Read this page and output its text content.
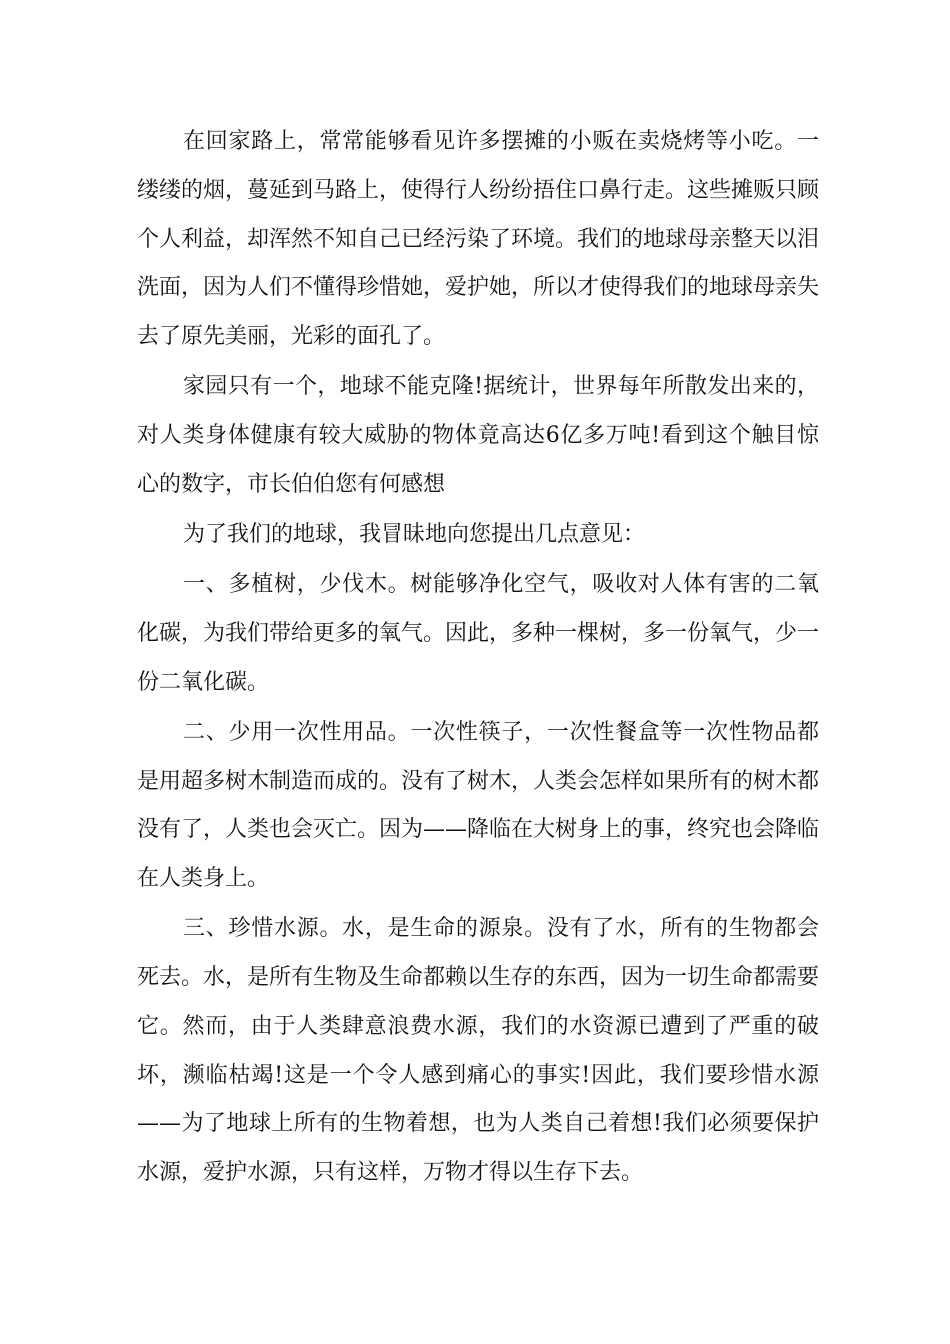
在回家路上，常常能够看见许多摆摊的小贩在卖烧烤等小吃。一缕缕的烟，蔓延到马路上，使得行人纷纷捂住口鼻行走。这些摊贩只顾个人利益，却浑然不知自己已经污染了环境。我们的地球母亲整天以泪洗面，因为人们不懂得珍惜她，爱护她，所以才使得我们的地球母亲失去了原先美丽，光彩的面孔了。

家园只有一个，地球不能克隆!据统计，世界每年所散发出来的，对人类身体健康有较大威胁的物体竟高达6亿多万吨!看到这个触目惊心的数字，市长伯伯您有何感想

为了我们的地球，我冒昧地向您提出几点意见：

一、多植树，少伐木。树能够净化空气，吸收对人体有害的二氧化碳，为我们带给更多的氧气。因此，多种一棵树，多一份氧气，少一份二氧化碳。

二、少用一次性用品。一次性筷子，一次性餐盒等一次性物品都是用超多树木制造而成的。没有了树木，人类会怎样如果所有的树木都没有了，人类也会灭亡。因为——降临在大树身上的事，终究也会降临在人类身上。

三、珍惜水源。水，是生命的源泉。没有了水，所有的生物都会死去。水，是所有生物及生命都赖以生存的东西，因为一切生命都需要它。然而，由于人类肆意浪费水源，我们的水资源已遭到了严重的破坏，濒临枯竭!这是一个令人感到痛心的事实!因此，我们要珍惜水源——为了地球上所有的生物着想，也为人类自己着想!我们必须要保护水源，爱护水源，只有这样，万物才得以生存下去。
